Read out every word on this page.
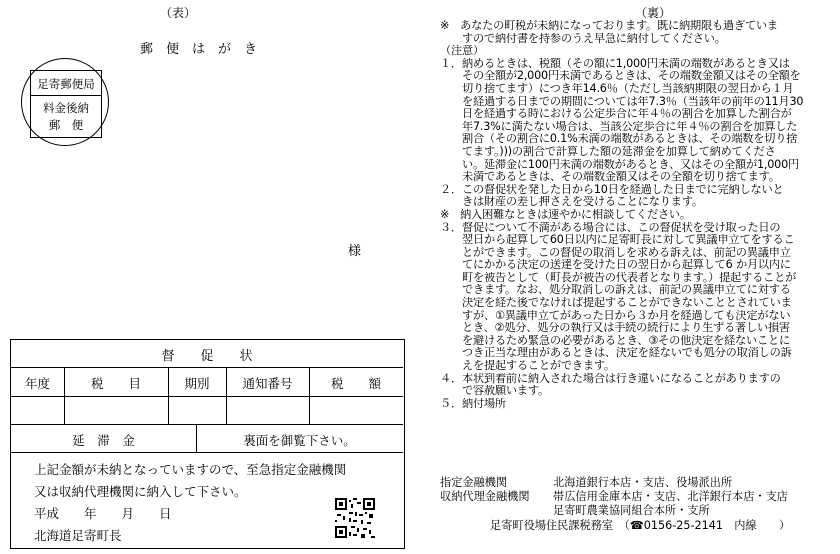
（表）
郵　便　は　が　き
足寄郵便局
料金後納
郵　便
様
督　　促　　状
年度	税　　目	期別	通知番号	税　　額
延　滞　金	裏面を御覧下さい。
上記金額が未納となっていますので、至急指定金融機関
又は収納代理機関に納入して下さい。
平成　　年　　月　　日
北海道足寄町長
（裏）
※　あなたの町税が未納になっております。既に納期限も過ぎていま
　　すので納付書を持参のうえ早急に納付してください。
（注意）
１．納めるときは、税額（その額に1,000円未満の端数があるとき又は
　　その全額が2,000円未満であるときは、その端数金額又はその全額を
　　切り捨てます）につき年14.6％（ただし当該納期限の翌日から１月
　　を経過する日までの期間については年7.3％（当該年の前年の11月30
　　日を経過する時における公定歩合に年４％の割合を加算した割合が
　　年7.3%に満たない場合は、当該公定歩合に年４％の割合を加算した
　　割合（その割合に0.1%未満の端数があるときは、その端数を切り捨
　　てます。)))の割合で計算した額の延滞金を加算して納めてくださ
　　い。延滞金に100円未満の端数があるとき、又はその全額が1,000円
　　未満であるときは、その端数金額又はその全額を切り捨てます。
２．この督促状を発した日から10日を経過した日までに完納しないと
　　きは財産の差し押さえを受けることになります。
※　納入困難なときは速やかに相談してください。
３．督促について不満がある場合には、この督促状を受け取った日の
　　翌日から起算して60日以内に足寄町長に対して異議申立てをするこ
　　とができます。この督促の取消しを求める訴えは、前記の異議申立
　　てにかかる決定の送達を受けた日の翌日から起算して6 か月以内に
　　町を被告として（町長が被告の代表者となります。）提起することが
　　できます。なお、処分取消しの訴えは、前記の異議申立てに対する
　　決定を経た後でなければ提起することができないこととされていま
　　すが、①異議申立てがあった日から３か月を経過しても決定がない
　　とき、②処分、処分の執行又は手続の続行により生ずる著しい損害
　　を避けるため緊急の必要があるとき、③その他決定を経ないことに
　　つき正当な理由があるときは、決定を経ないでも処分の取消しの訴
　　えを提起することができます。
４．本状到着前に納入された場合は行き違いになることがありますの
　　で容赦願います。
５．納付場所
指定金融機関	北海道銀行本店・支店、役場派出所
収納代理金融機関 帯広信用金庫本店・支店、北洋銀行本店・支店
足寄町農業協同組合本所・支所
足寄町役場住民課税務室　（☎0156-25-2141　内線　　）
